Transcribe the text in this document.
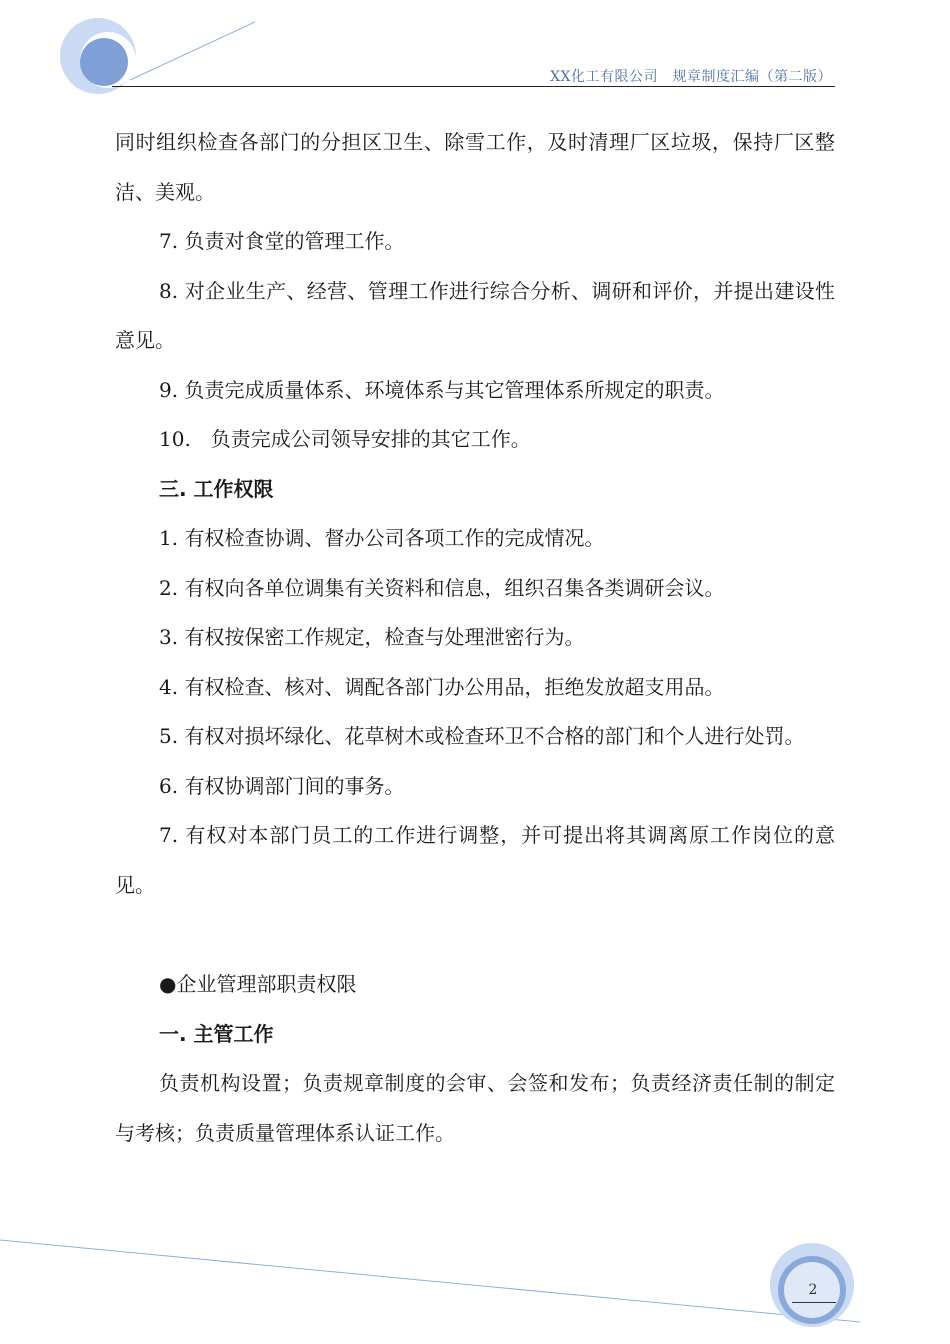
XX化工有限公司　 规章制度汇编（第二版）

同时组织检查各部门的分担区卫生、除雪工作，及时清理厂区垃圾，保持厂区整洁、美观。

7. 负责对食堂的管理工作。

8. 对企业生产、经营、管理工作进行综合分析、调研和评价，并提出建设性意见。

9. 负责完成质量体系、环境体系与其它管理体系所规定的职责。

10.　负责完成公司领导安排的其它工作。

三. 工作权限

1. 有权检查协调、督办公司各项工作的完成情况。

2. 有权向各单位调集有关资料和信息，组织召集各类调研会议。

3. 有权按保密工作规定，检查与处理泄密行为。

4. 有权检查、核对、调配各部门办公用品，拒绝发放超支用品。

5. 有权对损坏绿化、花草树木或检查环卫不合格的部门和个人进行处罚。

6. 有权协调部门间的事务。

7. 有权对本部门员工的工作进行调整，并可提出将其调离原工作岗位的意见。

●企业管理部职责权限

一. 主管工作

负责机构设置；负责规章制度的会审、会签和发布；负责经济责任制的制定与考核；负责质量管理体系认证工作。

2
